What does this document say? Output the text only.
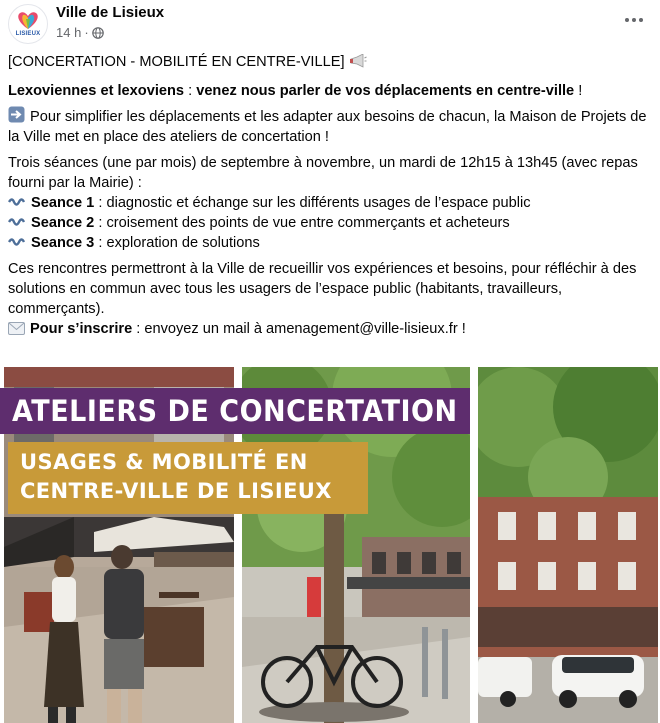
LISIEUX
Ville de Lisieux
14 h ·

[CONCERTATION - MOBILITÉ EN CENTRE-VILLE]

Lexoviennes et lexoviens : venez nous parler de vos déplacements en centre-ville !

Pour simplifier les déplacements et les adapter aux besoins de chacun, la Maison de Projets de la Ville met en place des ateliers de concertation !

Trois séances (une par mois) de septembre à novembre, un mardi de 12h15 à 13h45 (avec repas fourni par la Mairie) :

Seance 1 : diagnostic et échange sur les différents usages de l’espace public

Seance 2 : croisement des points de vue entre commerçants et acheteurs

Seance 3 : exploration de solutions

Ces rencontres permettront à la Ville de recueillir vos expériences et besoins, pour réfléchir à des solutions en commun avec tous les usagers de l’espace public (habitants, travailleurs, commerçants).

Pour s’inscrire : envoyez un mail à amenagement@ville-lisieux.fr !

ATELIERS DE CONCERTATION
USAGES & MOBILITÉ EN
CENTRE-VILLE DE LISIEUX
